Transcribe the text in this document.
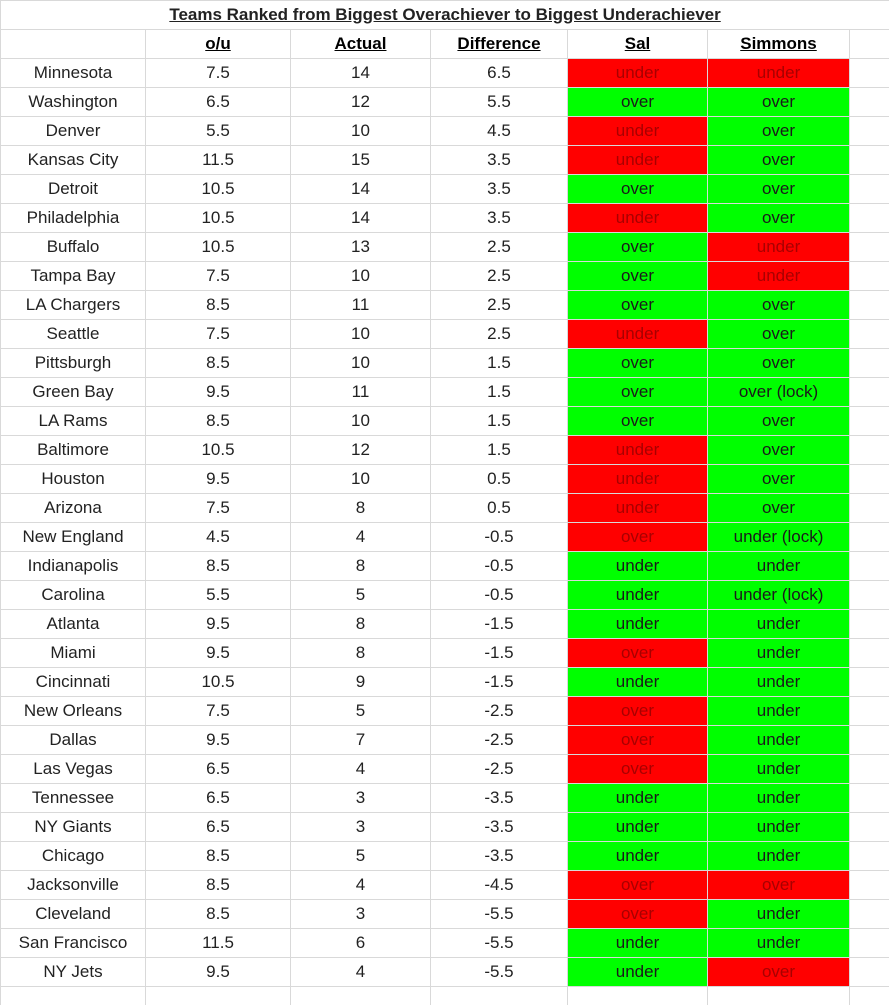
Teams Ranked from Biggest Overachiever to Biggest Underachiever						
	o/u	Actual	Difference	Sal	Simmons	
Minnesota	7.5	14	6.5	under	under	
Washington	6.5	12	5.5	over	over	
Denver	5.5	10	4.5	under	over	
Kansas City	11.5	15	3.5	under	over	
Detroit	10.5	14	3.5	over	over	
Philadelphia	10.5	14	3.5	under	over	
Buffalo	10.5	13	2.5	over	under	
Tampa Bay	7.5	10	2.5	over	under	
LA Chargers	8.5	11	2.5	over	over	
Seattle	7.5	10	2.5	under	over	
Pittsburgh	8.5	10	1.5	over	over	
Green Bay	9.5	11	1.5	over	over (lock)	
LA Rams	8.5	10	1.5	over	over	
Baltimore	10.5	12	1.5	under	over	
Houston	9.5	10	0.5	under	over	
Arizona	7.5	8	0.5	under	over	
New England	4.5	4	-0.5	over	under (lock)	
Indianapolis	8.5	8	-0.5	under	under	
Carolina	5.5	5	-0.5	under	under (lock)	
Atlanta	9.5	8	-1.5	under	under	
Miami	9.5	8	-1.5	over	under	
Cincinnati	10.5	9	-1.5	under	under	
New Orleans	7.5	5	-2.5	over	under	
Dallas	9.5	7	-2.5	over	under	
Las Vegas	6.5	4	-2.5	over	under	
Tennessee	6.5	3	-3.5	under	under	
NY Giants	6.5	3	-3.5	under	under	
Chicago	8.5	5	-3.5	under	under	
Jacksonville	8.5	4	-4.5	over	over	
Cleveland	8.5	3	-5.5	over	under	
San Francisco	11.5	6	-5.5	under	under	
NY Jets	9.5	4	-5.5	under	over	
